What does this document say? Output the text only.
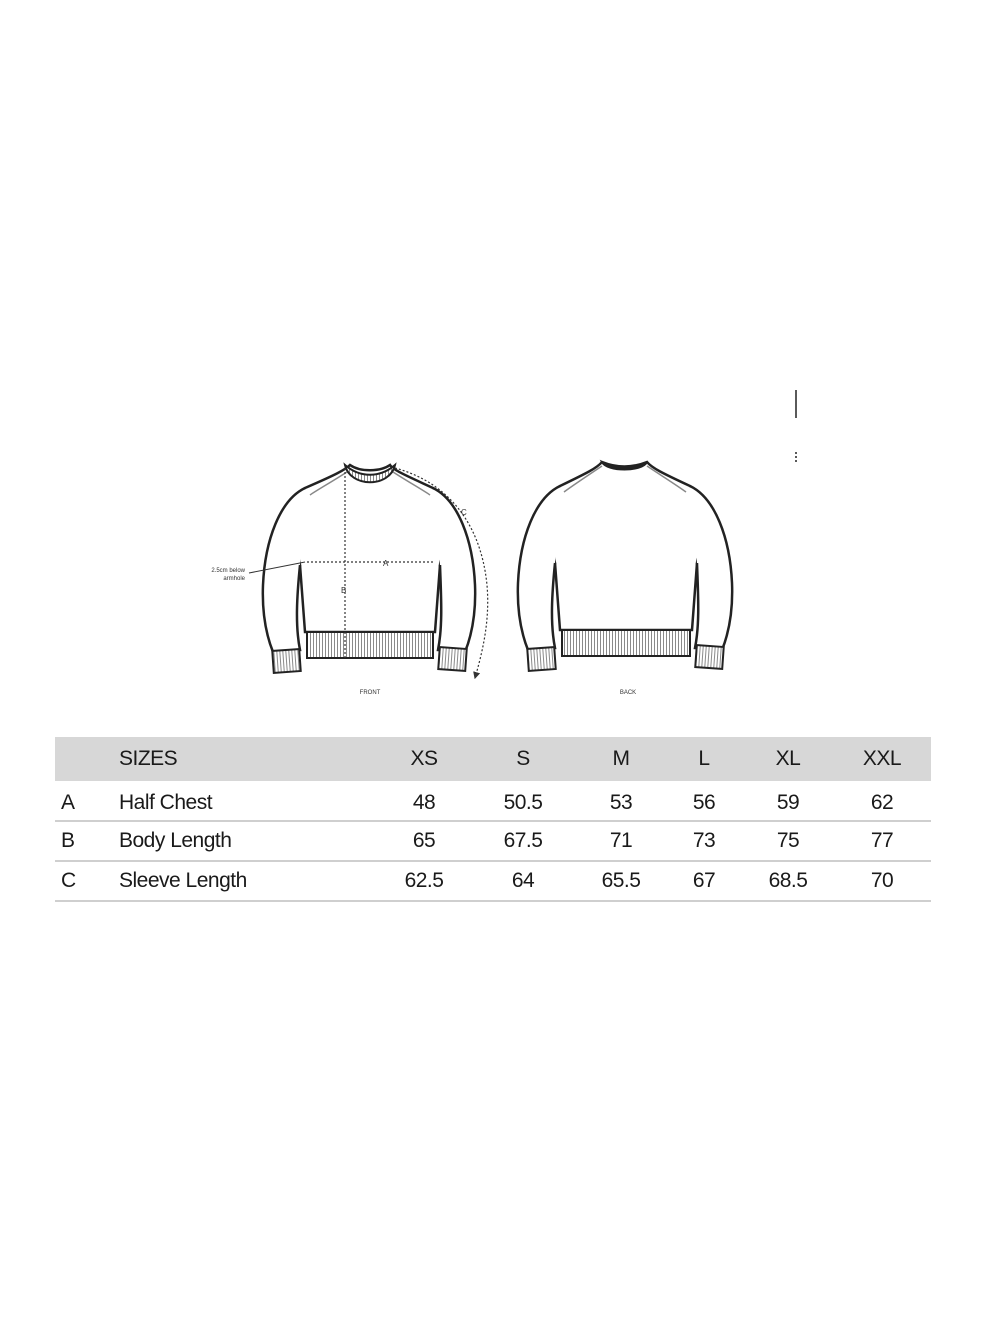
A
B
C
2.5cm below
armhole
FRONT	BACK
	SIZES	XS	S	M	L	XL	XXL
A	Half Chest	48	50.5	53	56	59	62
B	Body Length	65	67.5	71	73	75	77
C	Sleeve Length	62.5	64	65.5	67	68.5	70
